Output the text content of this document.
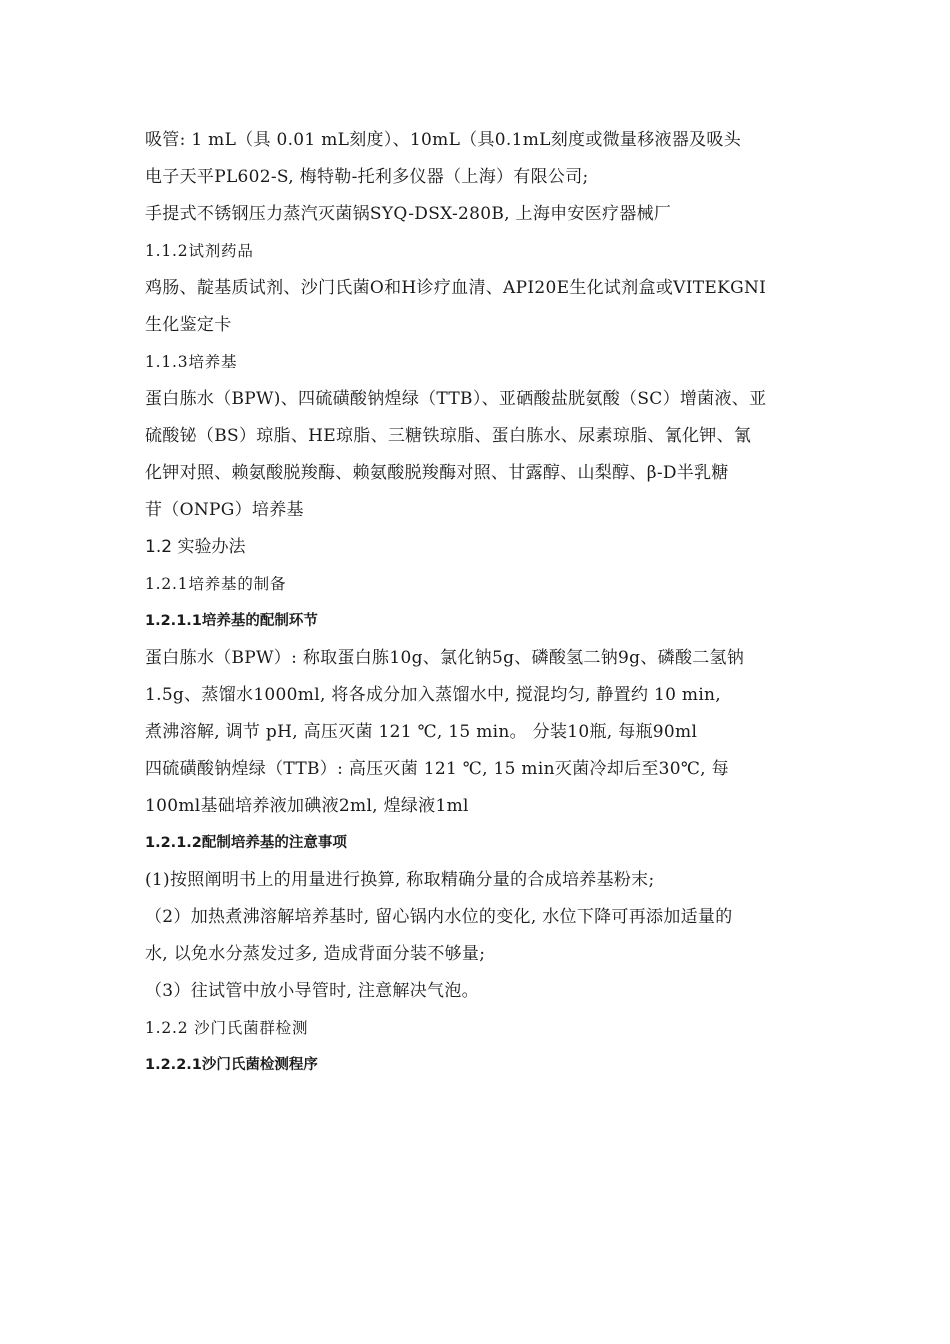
吸管: 1 mL（具 0.01 mL刻度）、10mL（具0.1mL刻度或微量移液器及吸头
电子天平PL602-S, 梅特勒-托利多仪器（上海）有限公司;
手提式不锈钢压力蒸汽灭菌锅SYQ-DSX-280B, 上海申安医疗器械厂
1.1.2试剂药品
鸡肠、靛基质试剂、沙门氏菌O和H诊疗血清、API20E生化试剂盒或VITEKGNI
生化鉴定卡
1.1.3培养基
蛋白胨水（BPW)、四硫磺酸钠煌绿（TTB）、亚硒酸盐胱氨酸（SC）增菌液、亚
硫酸铋（BS）琼脂、HE琼脂、三糖铁琼脂、蛋白胨水、尿素琼脂、氰化钾、氰
化钾对照、赖氨酸脱羧酶、赖氨酸脱羧酶对照、甘露醇、山梨醇、β-D半乳糖
苷（ONPG）培养基
1.2 实验办法
1.2.1培养基的制备
1.2.1.1培养基的配制环节
蛋白胨水（BPW）: 称取蛋白胨10g、氯化钠5g、磷酸氢二钠9g、磷酸二氢钠
1.5g、蒸馏水1000ml, 将各成分加入蒸馏水中, 搅混均匀, 静置约 10 min,
煮沸溶解, 调节 pH, 高压灭菌 121 ℃, 15 min。 分装10瓶, 每瓶90ml
四硫磺酸钠煌绿（TTB）: 高压灭菌 121 ℃, 15 min灭菌冷却后至30℃, 每
100ml基础培养液加碘液2ml, 煌绿液1ml
1.2.1.2配制培养基的注意事项
(1)按照阐明书上的用量进行换算, 称取精确分量的合成培养基粉末;
（2）加热煮沸溶解培养基时, 留心锅内水位的变化, 水位下降可再添加适量的
水, 以免水分蒸发过多, 造成背面分装不够量;
（3）往试管中放小导管时, 注意解决气泡。
1.2.2 沙门氏菌群检测
1.2.2.1沙门氏菌检测程序
